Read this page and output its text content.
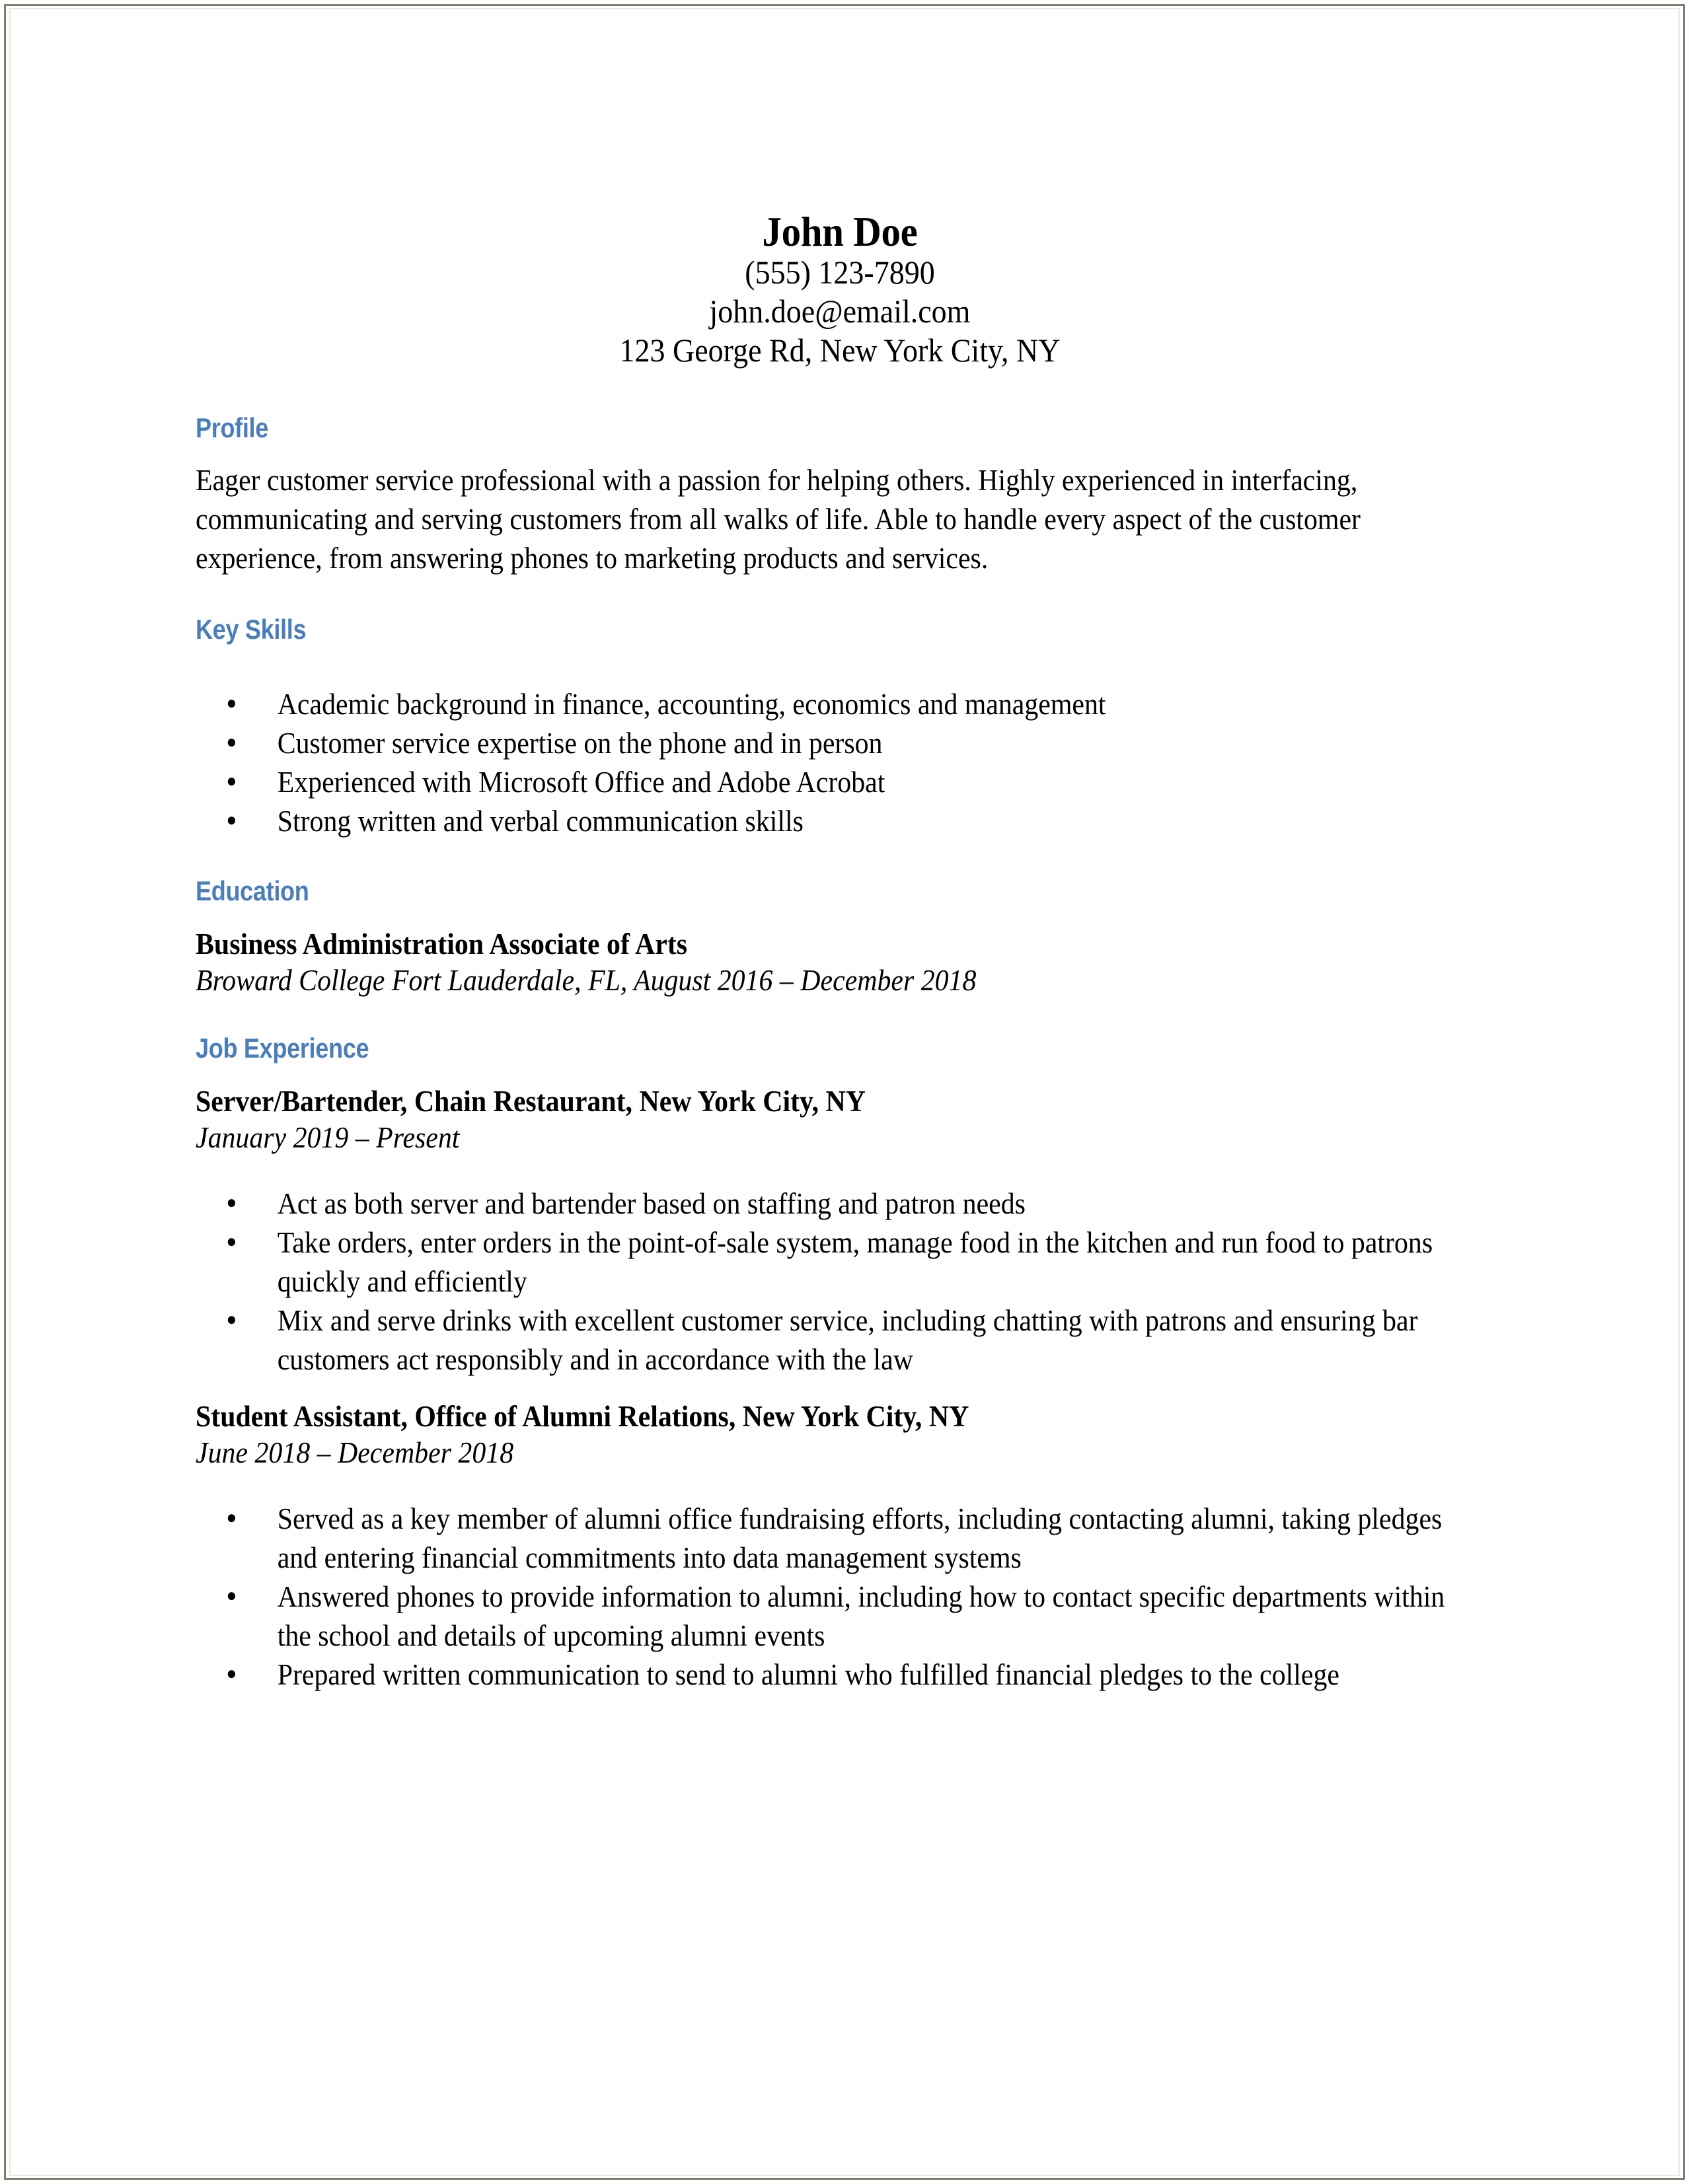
John Doe
(555) 123-7890
john.doe@email.com
123 George Rd, New York City, NY
Profile
Eager customer service professional with a passion for helping others. Highly experienced in interfacing, communicating and serving customers from all walks of life. Able to handle every aspect of the customer experience, from answering phones to marketing products and services.
Key Skills
● Academic background in finance, accounting, economics and management
● Customer service expertise on the phone and in person
● Experienced with Microsoft Office and Adobe Acrobat
● Strong written and verbal communication skills
Education
Business Administration Associate of Arts
Broward College Fort Lauderdale, FL, August 2016 – December 2018
Job Experience
Server/Bartender, Chain Restaurant, New York City, NY
January 2019 – Present
● Act as both server and bartender based on staffing and patron needs
● Take orders, enter orders in the point-of-sale system, manage food in the kitchen and run food to patrons quickly and efficiently
● Mix and serve drinks with excellent customer service, including chatting with patrons and ensuring bar customers act responsibly and in accordance with the law
Student Assistant, Office of Alumni Relations, New York City, NY
June 2018 – December 2018
● Served as a key member of alumni office fundraising efforts, including contacting alumni, taking pledges and entering financial commitments into data management systems
● Answered phones to provide information to alumni, including how to contact specific departments within the school and details of upcoming alumni events
● Prepared written communication to send to alumni who fulfilled financial pledges to the college
